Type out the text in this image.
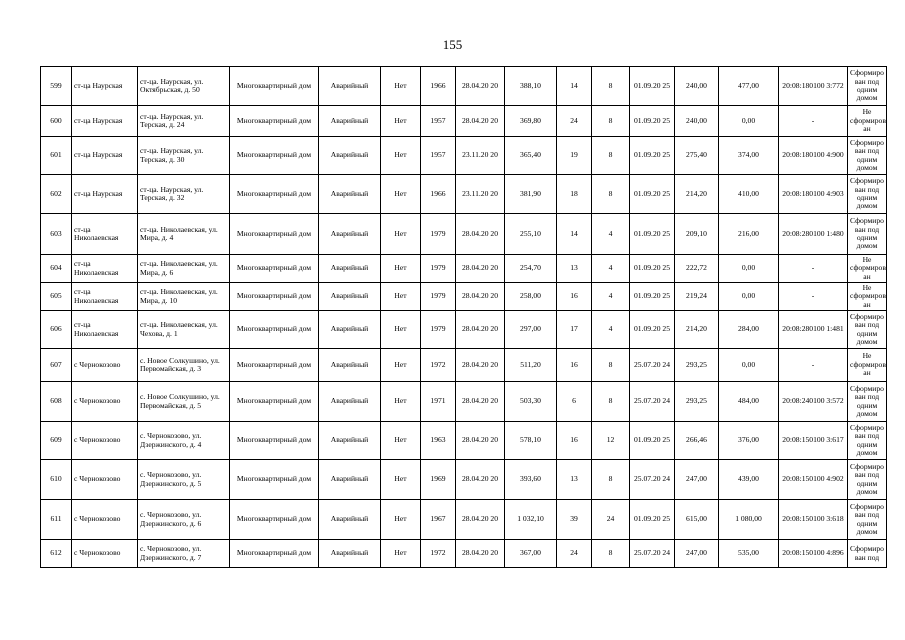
155
599	ст-ца Наурская	ст-ца. Наурская, ул. Октябрьская, д. 50	Многоквартирный дом	Аварийный	Нет	1966	28.04.20 20	388,10	14	8	01.09.20 25	240,00	477,00	20:08:180100 3:772	Сформиро ван под одним домом
600	ст-ца Наурская	ст-ца. Наурская, ул. Терская, д. 24	Многоквартирный дом	Аварийный	Нет	1957	28.04.20 20	369,80	24	8	01.09.20 25	240,00	0,00	-	Не сформиров ан
601	ст-ца Наурская	ст-ца. Наурская, ул. Терская, д. 30	Многоквартирный дом	Аварийный	Нет	1957	23.11.20 20	365,40	19	8	01.09.20 25	275,40	374,00	20:08:180100 4:900	Сформиро ван под одним домом
602	ст-ца Наурская	ст-ца. Наурская, ул. Терская, д. 32	Многоквартирный дом	Аварийный	Нет	1966	23.11.20 20	381,90	18	8	01.09.20 25	214,20	410,00	20:08:180100 4:903	Сформиро ван под одним домом
603	ст-ца Николаевская	ст-ца. Николаевская, ул. Мира, д. 4	Многоквартирный дом	Аварийный	Нет	1979	28.04.20 20	255,10	14	4	01.09.20 25	209,10	216,00	20:08:280100 1:480	Сформиро ван под одним домом
604	ст-ца Николаевская	ст-ца. Николаевская, ул. Мира, д. 6	Многоквартирный дом	Аварийный	Нет	1979	28.04.20 20	254,70	13	4	01.09.20 25	222,72	0,00	-	Не сформиров ан
605	ст-ца Николаевская	ст-ца. Николаевская, ул. Мира, д. 10	Многоквартирный дом	Аварийный	Нет	1979	28.04.20 20	258,00	16	4	01.09.20 25	219,24	0,00	-	Не сформиров ан
606	ст-ца Николаевская	ст-ца. Николаевская, ул. Чехова, д. 1	Многоквартирный дом	Аварийный	Нет	1979	28.04.20 20	297,00	17	4	01.09.20 25	214,20	284,00	20:08:280100 1:481	Сформиро ван под одним домом
607	с Чернокозово	с. Новое Солкушино, ул. Первомайская, д. 3	Многоквартирный дом	Аварийный	Нет	1972	28.04.20 20	511,20	16	8	25.07.20 24	293,25	0,00	-	Не сформиров ан
608	с Чернокозово	с. Новое Солкушино, ул. Первомайская, д. 5	Многоквартирный дом	Аварийный	Нет	1971	28.04.20 20	503,30	6	8	25.07.20 24	293,25	484,00	20:08:240100 3:572	Сформиро ван под одним домом
609	с Чернокозово	с. Чернокозово, ул. Дзержинского, д. 4	Многоквартирный дом	Аварийный	Нет	1963	28.04.20 20	578,10	16	12	01.09.20 25	266,46	376,00	20:08:150100 3:617	Сформиро ван под одним домом
610	с Чернокозово	с. Чернокозово, ул. Дзержинского, д. 5	Многоквартирный дом	Аварийный	Нет	1969	28.04.20 20	393,60	13	8	25.07.20 24	247,00	439,00	20:08:150100 4:902	Сформиро ван под одним домом
611	с Чернокозово	с. Чернокозово, ул. Дзержинского, д. 6	Многоквартирный дом	Аварийный	Нет	1967	28.04.20 20	1 032,10	39	24	01.09.20 25	615,00	1 080,00	20:08:150100 3:618	Сформиро ван под одним домом
612	с Чернокозово	с. Чернокозово, ул. Дзержинского, д. 7	Многоквартирный дом	Аварийный	Нет	1972	28.04.20 20	367,00	24	8	25.07.20 24	247,00	535,00	20:08:150100 4:896	Сформиро ван под
